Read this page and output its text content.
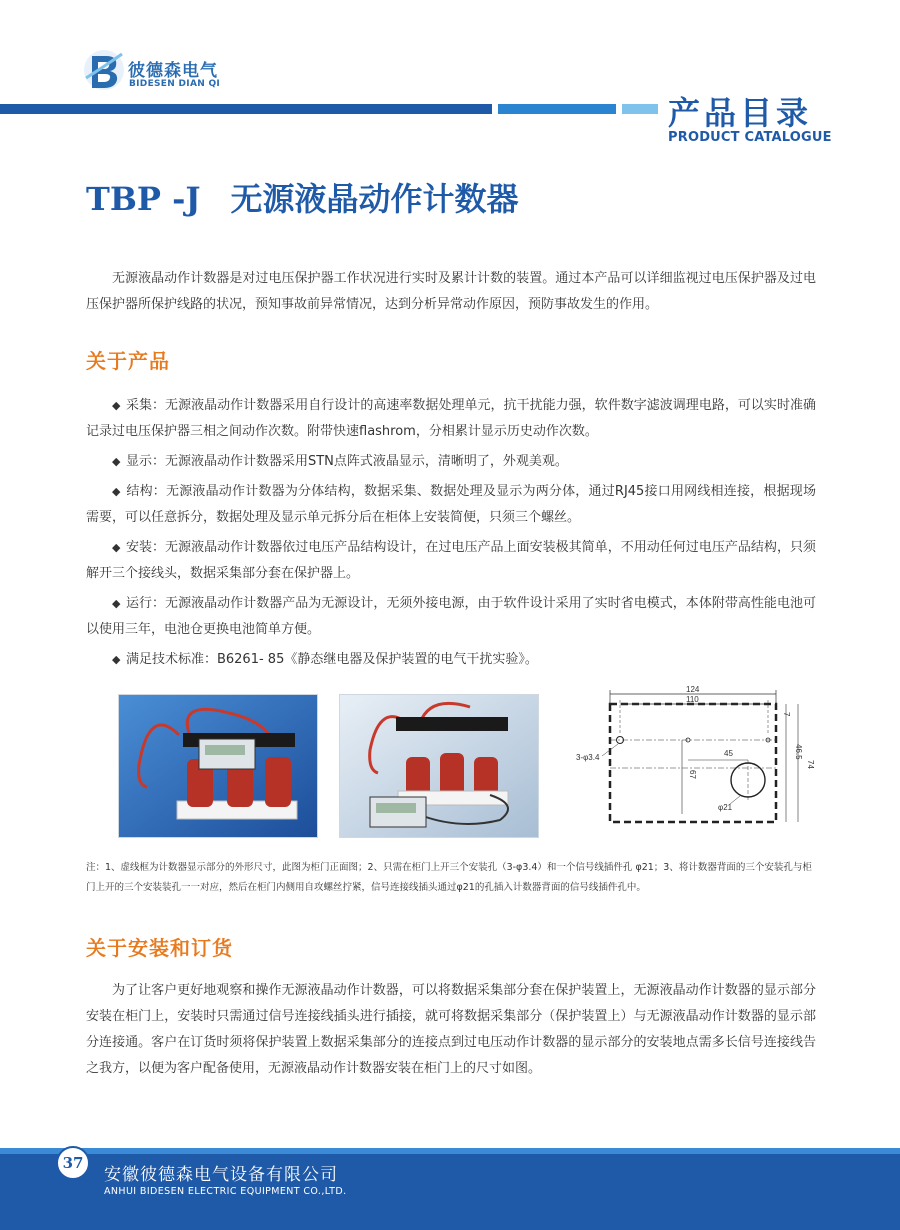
彼德森电气
BIDESEN DIAN QI
产品目录
PRODUCT CATALOGUE
TBP -J 无源液晶动作计数器
无源液晶动作计数器是对过电压保护器工作状况进行实时及累计计数的装置。通过本产品可以详细监视过电压保护器及过电压保护器所保护线路的状况，预知事故前异常情况，达到分析异常动作原因，预防事故发生的作用。
关于产品
◆ 采集：无源液晶动作计数器采用自行设计的高速率数据处理单元，抗干扰能力强，软件数字滤波调理电路，可以实时准确记录过电压保护器三相之间动作次数。附带快速flashrom，分相累计显示历史动作次数。
◆ 显示：无源液晶动作计数器采用STN点阵式液晶显示，清晰明了，外观美观。
◆ 结构：无源液晶动作计数器为分体结构，数据采集、数据处理及显示为两分体，通过RJ45接口用网线相连接，根据现场需要，可以任意拆分，数据处理及显示单元拆分后在柜体上安装简便，只须三个螺丝。
◆ 安装：无源液晶动作计数器依过电压产品结构设计，在过电压产品上面安装极其简单，不用动任何过电压产品结构，只须解开三个接线头，数据采集部分套在保护器上。
◆ 运行：无源液晶动作计数器产品为无源设计，无须外接电源，由于软件设计采用了实时省电模式，本体附带高性能电池可以使用三年，电池仓更换电池简单方便。
◆ 满足技术标准：B6261- 85《静态继电器及保护装置的电气干扰实验》。
124
110
3-φ3.4	45
φ21
67
74
46.5
7
注：1、虚线框为计数器显示部分的外形尺寸，此图为柜门正面图；2、只需在柜门上开三个安装孔（3-φ3.4）和一个信号线插件孔 φ21；3、将计数器背面的三个安装孔与柜门上开的三个安装装孔一一对应，然后在柜门内侧用自攻螺丝拧紧，信号连接线插头通过φ21的孔插入计数器背面的信号线插件孔中。
关于安装和订货
为了让客户更好地观察和操作无源液晶动作计数器，可以将数据采集部分套在保护装置上，无源液晶动作计数器的显示部分安装在柜门上，安装时只需通过信号连接线插头进行插接，就可将数据采集部分（保护装置上）与无源液晶动作计数器的显示部分连接通。客户在订货时须将保护装置上数据采集部分的连接点到过电压动作计数器的显示部分的安装地点需多长信号连接线告之我方，以便为客户配备使用，无源液晶动作计数器安装在柜门上的尺寸如图。
37
安徽彼德森电气设备有限公司
ANHUI BIDESEN ELECTRIC EQUIPMENT CO.,LTD.
